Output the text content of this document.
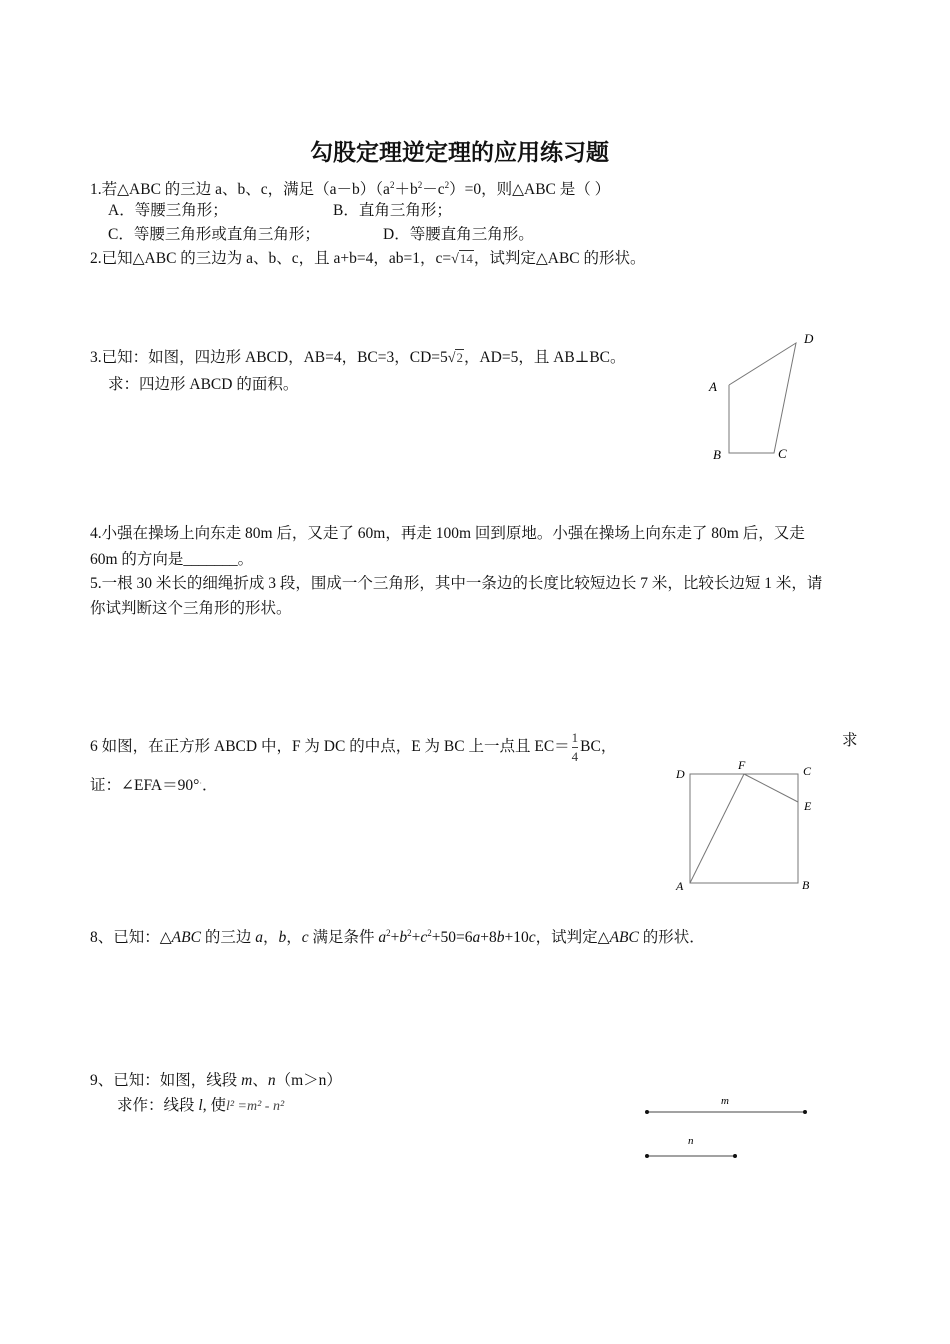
勾股定理逆定理的应用练习题
1.若△ABC 的三边 a、b、c，满足$(a-b)(a^2+b^2-c^2)=0$，则△ABC 是（ ）
A．等腰三角形；	B．直角三角形；
C．等腰三角形或直角三角形；	D．等腰直角三角形。
2.已知△ABC 的三边为 a、b、c，且 a+b=4，ab=1，c=√14，试判定△ABC 的形状。
3.已知：如图，四边形 ABCD，AB=4，BC=3，CD=5√2，AD=5，且 AB⊥BC。
求：四边形 ABCD 的面积。
D
A
B	C
4.小强在操场上向东走 80m 后，又走了 60m，再走 100m 回到原地。小强在操场上向东走了 80m 后，又走
60m 的方向是_______。
5.一根 30 米长的细绳折成 3 段，围成一个三角形，其中一条边的长度比较短边长 7 米，比较长边短 1 米，请
你试判断这个三角形的形状。
6 如图，在正方形 ABCD 中，F 为 DC 的中点，E 为 BC 上一点且 $EC= \frac{1}{4}$ BC，	求
证：∠EFA＝90°·．
D
F	C
E
A	B
8、已知：△ABC 的三边 a，b，c 满足条件 $a^2+b^2+c^2+50=6a+8b+10c$，试判定△ABC 的形状．
9、已知：如图，线段 m、n（m＞n）
求作：线段 l, 使l² =m² - n²	m
n
